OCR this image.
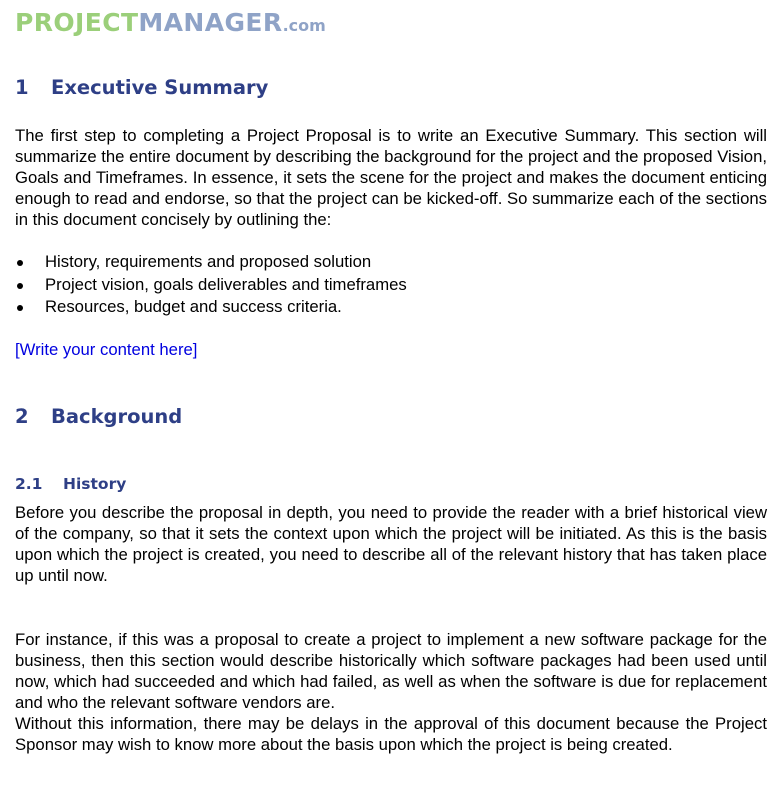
PROJECTMANAGER.com
1 Executive Summary

The first step to completing a Project Proposal is to write an Executive Summary. This section will summarize the entire document by describing the background for the project and the proposed Vision, Goals and Timeframes. In essence, it sets the scene for the project and makes the document enticing enough to read and endorse, so that the project can be kicked-off. So summarize each of the sections in this document concisely by outlining the:

History, requirements and proposed solution
Project vision, goals deliverables and timeframes
Resources, budget and success criteria.

[Write your content here]

2 Background
2.1 History

Before you describe the proposal in depth, you need to provide the reader with a brief historical view of the company, so that it sets the context upon which the project will be initiated. As this is the basis upon which the project is created, you need to describe all of the relevant history that has taken place up until now.

For instance, if this was a proposal to create a project to implement a new software package for the business, then this section would describe historically which software packages had been used until now, which had succeeded and which had failed, as well as when the software is due for replacement and who the relevant software vendors are.

Without this information, there may be delays in the approval of this document because the Project Sponsor may wish to know more about the basis upon which the project is being created.
